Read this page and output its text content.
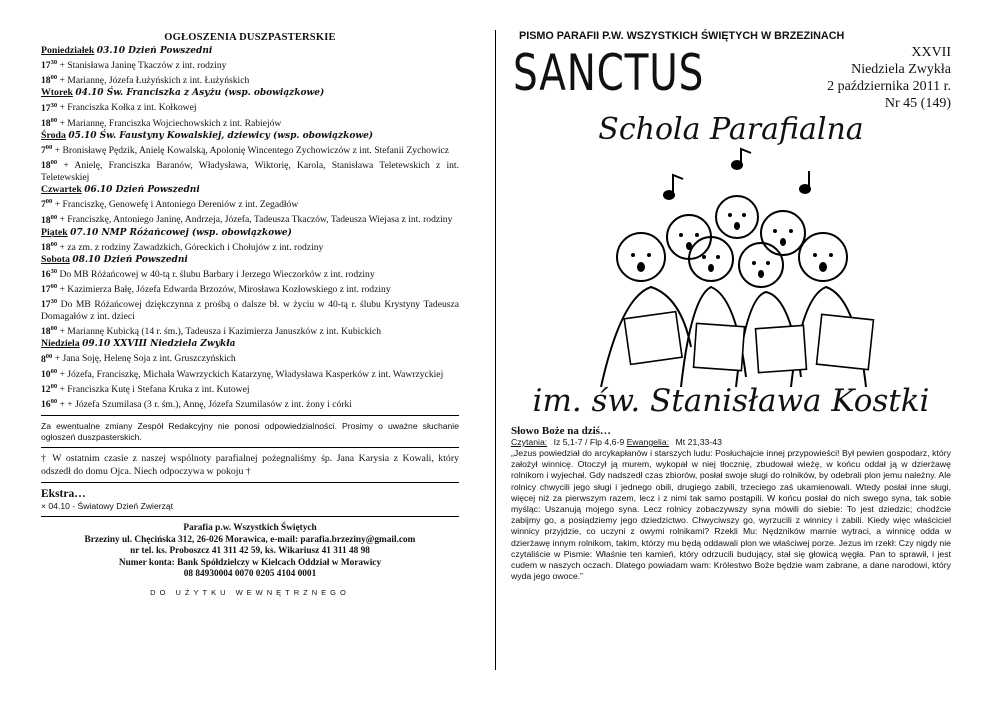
OGŁOSZENIA DUSZPASTERSKIE
Poniedziałek 03.10 Dzień Powszedni
$17^{30}$ + Stanisława Janinę Tkaczów z int. rodziny
$18^{00}$ + Mariannę, Józefa Łużyńskich z int. Łużyńskich
Wtorek 04.10 Św. Franciszka z Asyżu (wsp. obowiązkowe)
$17^{30}$ + Franciszka Kołka z int. Kołkowej
$18^{00}$ + Mariannę, Franciszka Wojciechowskich z int. Rabiejów
Środa 05.10 Św. Faustyny Kowalskiej, dziewicy (wsp. obowiązkowe)
$7^{00}$ + Bronisławę Pędzik, Anielę Kowalską, Apolonię Wincentego Zychowiczów z int. Stefanii Zychowicz
$18^{00}$ + Anielę, Franciszka Baranów, Władysława, Wiktorię, Karola, Stanisława Teletewskich z int. Teletewskiej
Czwartek 06.10 Dzień Powszedni
$7^{00}$ + Franciszkę, Genowefę i Antoniego Dereniów z int. Zegadłów
$18^{00}$ + Franciszkę, Antoniego Janinę, Andrzeja, Józefa, Tadeusza Tkaczów, Tadeusza Wiejasa z int. rodziny
Piątek 07.10 NMP Różańcowej (wsp. obowiązkowe)
$18^{00}$ + za zm. z rodziny Zawadzkich, Góreckich i Chołujów z int. rodziny
Sobota 08.10 Dzień Powszedni
$16^{30}$ Do MB Różańcowej w 40-tą r. ślubu Barbary i Jerzego Wieczorków z int. rodziny
$17^{00}$ + Kazimierza Bałę, Józefa Edwarda Brzozów, Mirosława Kozłowskiego z int. rodziny
$17^{30}$ Do MB Różańcowej dziękczynna z prośbą o dalsze bł. w życiu w 40-tą r. ślubu Krystyny Tadeusza Domagałów z int. dzieci
$18^{00}$ + Mariannę Kubicką (14 r. śm.), Tadeusza i Kazimierza Januszków z int. Kubickich
Niedziela 09.10 XXVIII Niedziela Zwykła
$8^{00}$ + Jana Soję, Helenę Soja z int. Gruszczyńskich
$10^{00}$ + Józefa, Franciszkę, Michała Wawrzyckich Katarzynę, Władysława Kasperków z int. Wawrzyckiej
$12^{00}$ + Franciszka Kutę i Stefana Kruka z int. Kutowej
$16^{00}$ + + Józefa Szumilasa (3 r. śm.), Annę, Józefa Szumilasów z int. żony i córki
Za ewentualne zmiany Zespół Redakcyjny nie ponosi odpowiedzialności. Prosimy o uważne słuchanie ogłoszeń duszpasterskich.
† W ostatnim czasie z naszej wspólnoty parafialnej pożegnaliśmy śp. Jana Karysia z Kowali, który odszedł do domu Ojca. Niech odpoczywa w pokoju †
Ekstra…
× 04.10 - Światowy Dzień Zwierząt
Parafia p.w. Wszystkich Świętych
Brzeziny ul. Chęcińska 312, 26-026 Morawica, e-mail: parafia.brzeziny@gmail.com
nr tel. ks. Proboszcz 41 311 42 59, ks. Wikariusz 41 311 48 98
Numer konta: Bank Spółdzielczy w Kielcach Oddział w Morawicy
08 84930004 0070 0205 4104 0001
DO UŻYTKU WEWNĘTRZNEGO
PISMO PARAFII P.W. WSZYSTKICH ŚWIĘTYCH W BRZEZINACH
SANCTUS	XXVII
Niedziela Zwykła
2 października 2011 r.
Nr 45 (149)
Schola Parafialna
im. św. Stanisława Kostki
Słowo Boże na dziś…
Czytania: Iz 5,1-7 / Flp 4,6-9 Ewangelia: Mt 21,33-43
„Jezus powiedział do arcykapłanów i starszych ludu: Posłuchajcie innej przypowieści! Był pewien gospodarz, który założył winnicę. Otoczył ją murem, wykopał w niej tłocznię, zbudował wieżę, w końcu oddał ją w dzierżawę rolnikom i wyjechał. Gdy nadszedł czas zbiorów, posłał swoje sługi do rolników, by odebrali plon jemu należny. Ale rolnicy chwycili jego sługi i jednego obili, drugiego zabili, trzeciego zaś ukamienowali. Wtedy posłał inne sługi, więcej niż za pierwszym razem, lecz i z nimi tak samo postąpili. W końcu posłał do nich swego syna, tak sobie myśląc: Uszanują mojego syna. Lecz rolnicy zobaczywszy syna mówili do siebie: To jest dziedzic; chodźcie zabijmy go, a posiądziemy jego dziedzictwo. Chwyciwszy go, wyrzucili z winnicy i zabili. Kiedy więc właściciel winnicy przyjdzie, co uczyni z owymi rolnikami? Rzekli Mu: Nędzników marnie wytraci, a winnicę odda w dzierżawę innym rolnikom, takim, którzy mu będą oddawali plon we właściwej porze. Jezus im rzekł: Czy nigdy nie czytaliście w Pismie: Właśnie ten kamień, który odrzucili budujący, stał się głowicą węgła. Pan to sprawił, i jest cudem w naszych oczach. Dlatego powiadam wam: Królestwo Boże będzie wam zabrane, a dane narodowi, który wyda jego owoce.”
